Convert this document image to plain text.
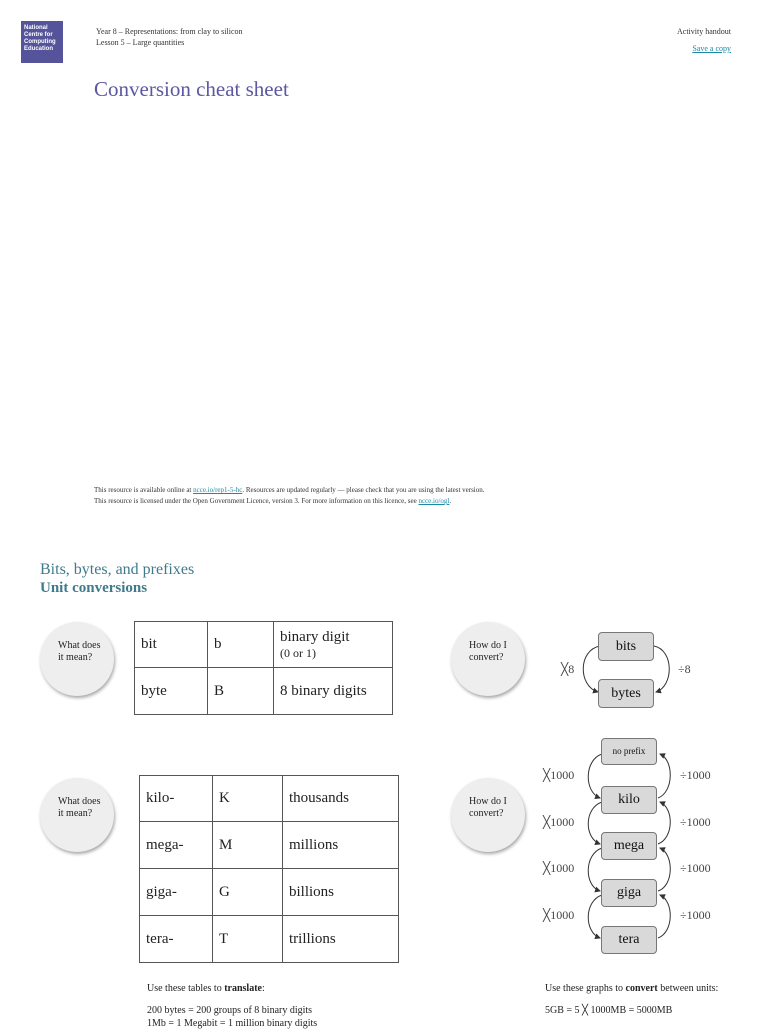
National
Centre for
Computing
Education
Year 8 – Representations: from clay to silicon
Lesson 5 – Large quantities
Activity handout
Save a copy
Conversion cheat sheet
This resource is available online at ncce.io/rep1-5-hc. Resources are updated regularly — please check that you are using the latest version.
This resource is licensed under the Open Government Licence, version 3. For more information on this licence, see ncce.io/ogl.
Bits, bytes, and prefixes
Unit conversions
What does it mean?
bit	b	binary digit
(0 or 1)

byte	B	8 binary digits
How do I convert?
bits
bytes
╳8	÷8
What does it mean?
kilo-	K	thousands
mega-	M	millions
giga-	G	billions
tera-	T	trillions
How do I convert?
no prefix
kilo
mega
giga
tera
╳1000
╳1000
╳1000
╳1000
÷1000
÷1000
÷1000
÷1000
Use these tables to translate:
200 bytes = 200 groups of 8 binary digits
1Mb = 1 Megabit = 1 million binary digits
Use these graphs to convert between units:
5GB = 5 ╳ 1000MB = 5000MB
